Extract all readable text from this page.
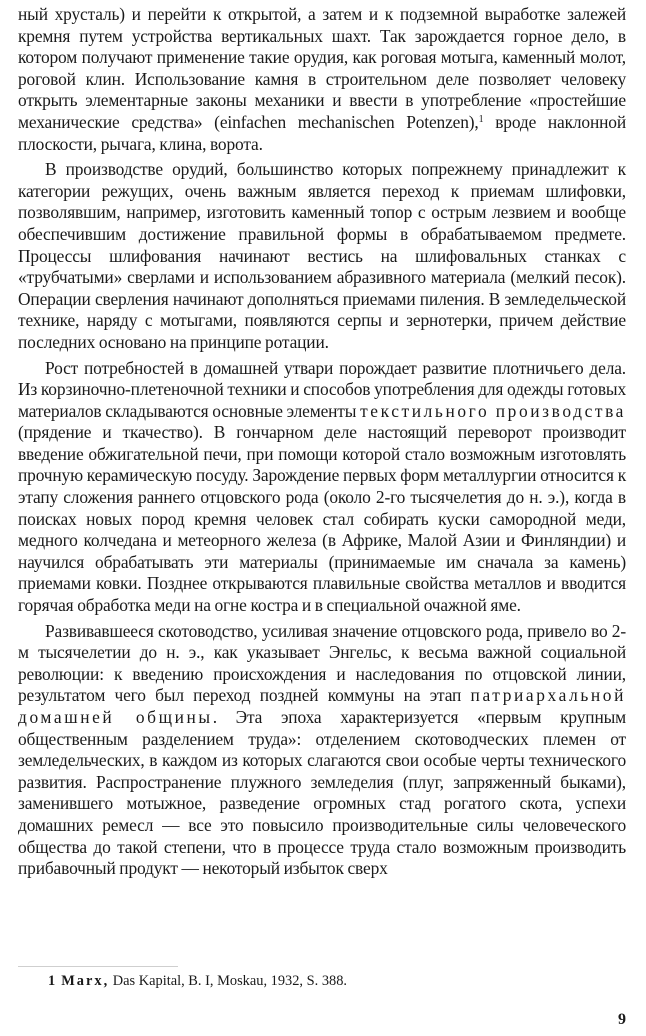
ный хрусталь) и перейти к открытой, а затем и к подземной выработке залежей кремня путем устройства вертикальных шахт. Так зарождается горное дело, в котором получают применение такие орудия, как роговая мотыга, каменный молот, роговой клин. Использование камня в строительном деле позволяет человеку открыть элементарные законы механики и ввести в употребление «простейшие механические средства» (einfachen mechanischen Potenzen),$^1$ вроде наклонной плоскости, рычага, клина, ворота.

В производстве орудий, большинство которых попрежнему принадлежит к категории режущих, очень важным является переход к приемам шлифовки, позволявшим, например, изготовить каменный топор с острым лезвием и вообще обеспечившим достижение правильной формы в обрабатываемом предмете. Процессы шлифования начинают вестись на шлифовальных станках с «трубчатыми» сверлами и использованием абразивного материала (мелкий песок). Операции сверления начинают дополняться приемами пиления. В земледельческой технике, наряду с мотыгами, появляются серпы и зернотерки, причем действие последних основано на принципе ротации.

Рост потребностей в домашней утвари порождает развитие плотничьего дела. Из корзиночно-плетеночной техники и способов употребления для одежды готовых материалов складываются основные элементы текстильного производства (прядение и ткачество). В гончарном деле настоящий переворот производит введение обжигательной печи, при помощи которой стало возможным изготовлять прочную керамическую посуду. Зарождение первых форм металлургии относится к этапу сложения раннего отцовского рода (около 2-го тысячелетия до н. э.), когда в поисках новых пород кремня человек стал собирать куски самородной меди, медного колчедана и метеорного железа (в Африке, Малой Азии и Финляндии) и научился обрабатывать эти материалы (принимаемые им сначала за камень) приемами ковки. Позднее открываются плавильные свойства металлов и вводится горячая обработка меди на огне костра и в специальной очажной яме.

Развивавшееся скотоводство, усиливая значение отцовского рода, привело во 2-м тысячелетии до н. э., как указывает Энгельс, к весьма важной социальной революции: к введению происхождения и наследования по отцовской линии, результатом чего был переход поздней коммуны на этап патриархальной домашней общины. Эта эпоха характеризуется «первым крупным общественным разделением труда»: отделением скотоводческих племен от земледельческих, в каждом из которых слагаются свои особые черты технического развития. Распространение плужного земледелия (плуг, запряженный быками), заменившего мотыжное, разведение огромных стад рогатого скота, успехи домашних ремесл — все это повысило производительные силы человеческого общества до такой степени, что в процессе труда стало возможным производить прибавочный продукт — некоторый избыток сверх

1 Marx, Das Kapital, B. I, Moskau, 1932, S. 388.

9
